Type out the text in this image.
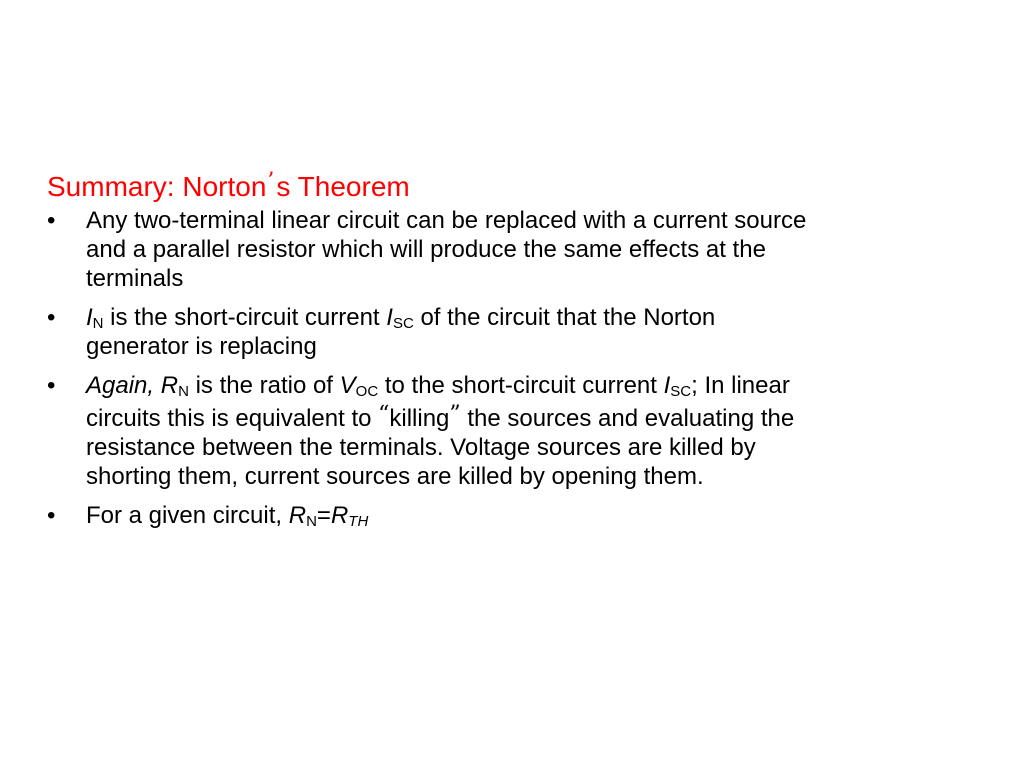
Summary: Norton’s Theorem
• Any two-terminal linear circuit can be replaced with a current source
and a parallel resistor which will produce the same effects at the
terminals
• $I_N$ is the short-circuit current $I_{SC}$ of the circuit that the Norton
generator is replacing
• Again, $R_N$ is the ratio of $V_{OC}$ to the short-circuit current $I_{SC}$; In linear
circuits this is equivalent to “killing” the sources and evaluating the
resistance between the terminals. Voltage sources are killed by
shorting them, current sources are killed by opening them.
• For a given circuit, $R_N=R_{TH}$
